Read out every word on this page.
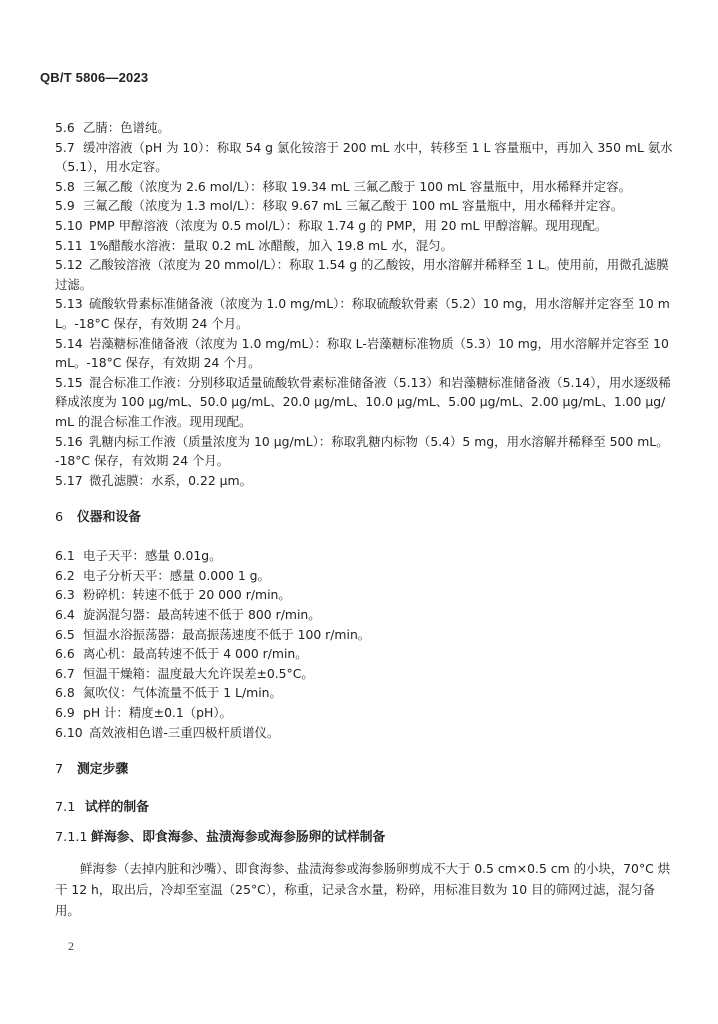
QB/T 5806—2023

5.6 乙腈：色谱纯。

5.7 缓冲溶液（pH 为 10）：称取 54 g 氯化铵溶于 200 mL 水中，转移至 1 L 容量瓶中，再加入 350 mL 氨水（5.1），用水定容。

5.8 三氟乙酸（浓度为 2.6 mol/L）：移取 19.34 mL 三氟乙酸于 100 mL 容量瓶中，用水稀释并定容。

5.9 三氟乙酸（浓度为 1.3 mol/L）：移取 9.67 mL 三氟乙酸于 100 mL 容量瓶中，用水稀释并定容。

5.10 PMP 甲醇溶液（浓度为 0.5 mol/L）：称取 1.74 g 的 PMP，用 20 mL 甲醇溶解。现用现配。

5.11 1%醋酸水溶液：量取 0.2 mL 冰醋酸，加入 19.8 mL 水，混匀。

5.12 乙酸铵溶液（浓度为 20 mmol/L）：称取 1.54 g 的乙酸铵，用水溶解并稀释至 1 L。使用前，用微孔滤膜过滤。

5.13 硫酸软骨素标准储备液（浓度为 1.0 mg/mL）：称取硫酸软骨素（5.2）10 mg，用水溶解并定容至 10 mL。-18°C 保存，有效期 24 个月。

5.14 岩藻糖标准储备液（浓度为 1.0 mg/mL）：称取 L-岩藻糖标准物质（5.3）10 mg，用水溶解并定容至 10 mL。-18°C 保存，有效期 24 个月。

5.15 混合标准工作液：分别移取适量硫酸软骨素标准储备液（5.13）和岩藻糖标准储备液（5.14），用水逐级稀释成浓度为 100 μg/mL、50.0 μg/mL、20.0 μg/mL、10.0 μg/mL、5.00 μg/mL、2.00 μg/mL、1.00 μg/mL 的混合标准工作液。现用现配。

5.16 乳糖内标工作液（质量浓度为 10 μg/mL）：称取乳糖内标物（5.4）5 mg，用水溶解并稀释至 500 mL。-18°C 保存，有效期 24 个月。

5.17 微孔滤膜：水系，0.22 μm。

6 仪器和设备

6.1 电子天平：感量 0.01g。

6.2 电子分析天平：感量 0.000 1 g。

6.3 粉碎机：转速不低于 20 000 r/min。

6.4 旋涡混匀器：最高转速不低于 800 r/min。

6.5 恒温水浴振荡器：最高振荡速度不低于 100 r/min。

6.6 离心机：最高转速不低于 4 000 r/min。

6.7 恒温干燥箱：温度最大允许误差±0.5°C。

6.8 氮吹仪：气体流量不低于 1 L/min。

6.9 pH 计：精度±0.1（pH）。

6.10 高效液相色谱-三重四极杆质谱仪。

7 测定步骤
7.1 试样的制备
7.1.1 鲜海参、即食海参、盐渍海参或海参肠卵的试样制备

鲜海参（去掉内脏和沙嘴）、即食海参、盐渍海参或海参肠卵剪成不大于 0.5 cm×0.5 cm 的小块，70°C 烘干 12 h，取出后，冷却至室温（25°C），称重，记录含水量，粉碎，用标准目数为 10 目的筛网过滤，混匀备用。

2
